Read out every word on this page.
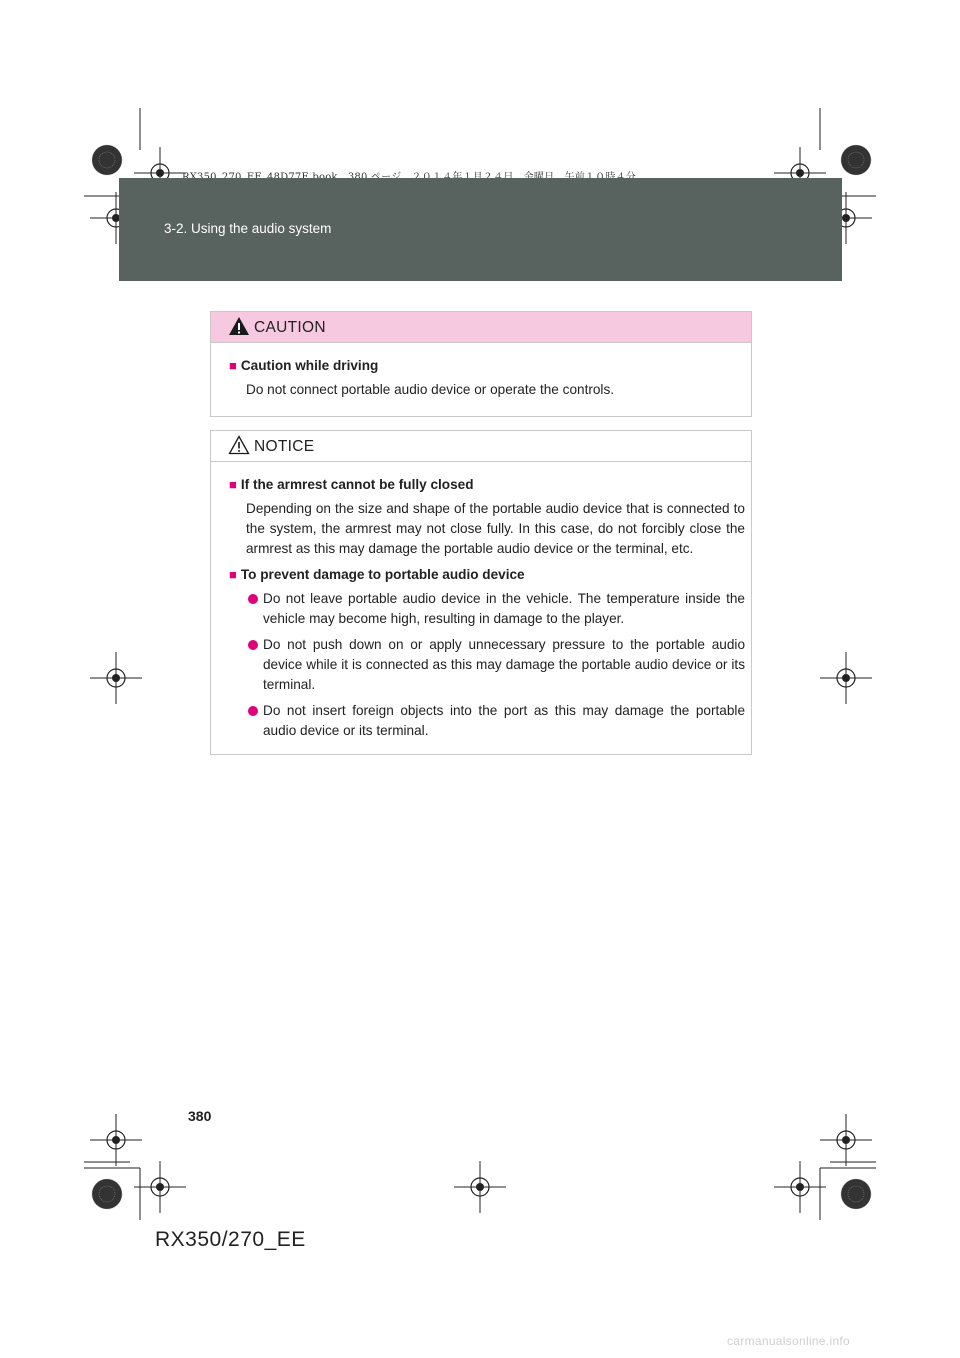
3-2. Using the audio system
CAUTION
■ Caution while driving
Do not connect portable audio device or operate the controls.
NOTICE
■ If the armrest cannot be fully closed
Depending on the size and shape of the portable audio device that is connected to the system, the armrest may not close fully. In this case, do not forcibly close the armrest as this may damage the portable audio device or the terminal, etc.
■ To prevent damage to portable audio device
Do not leave portable audio device in the vehicle. The temperature inside the vehicle may become high, resulting in damage to the player.
Do not push down on or apply unnecessary pressure to the portable audio device while it is connected as this may damage the portable audio device or its terminal.
Do not insert foreign objects into the port as this may damage the portable audio device or its terminal.
380
RX350/270_EE
carmanualsonline.info
